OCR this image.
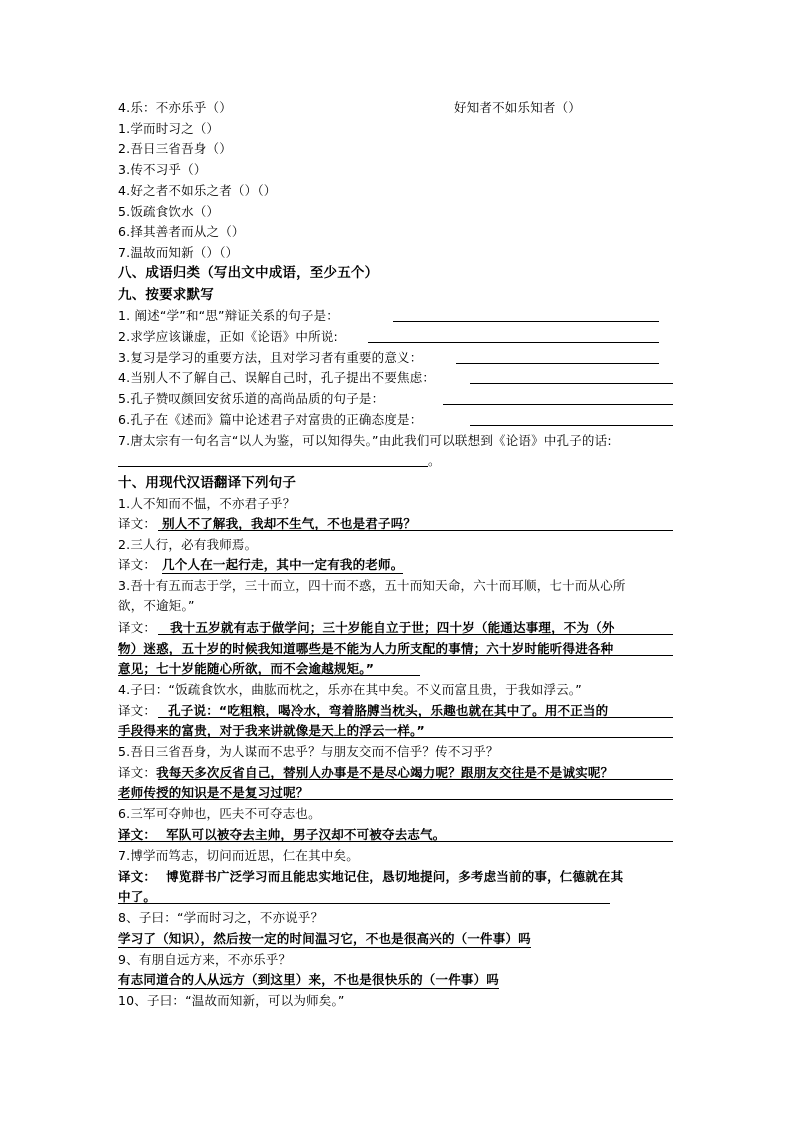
4.乐：不亦乐乎（）	好知者不如乐知者（）
1.学而时习之（）
2.吾日三省吾身（）
3.传不习乎（）
4.好之者不如乐之者（）（）
5.饭疏食饮水（）
6.择其善者而从之（）
7.温故而知新（）（）
八、成语归类（写出文中成语，至少五个）
九、按要求默写
1. 阐述“学”和“思”辩证关系的句子是：
2.求学应该谦虚，正如《论语》中所说:
3.复习是学习的重要方法，且对学习者有重要的意义：
4.当别人不了解自己、误解自己时，孔子提出不要焦虑：
5.孔子赞叹颜回安贫乐道的高尚品质的句子是：
6.孔子在《述而》篇中论述君子对富贵的正确态度是：
7.唐太宗有一句名言“以人为鉴，可以知得失。”由此我们可以联想到《论语》中孔子的话:
。
十、用现代汉语翻译下列句子
1.人不知而不愠，不亦君子乎？
译文： 别人不了解我，我却不生气，不也是君子吗？
2.三人行，必有我师焉。
译文： 几个人在一起行走，其中一定有我的老师。
3.吾十有五而志于学，三十而立，四十而不惑，五十而知天命，六十而耳顺，七十而从心所
欲，不逾矩。”
译文： 我十五岁就有志于做学问；三十岁能自立于世；四十岁（能通达事理，不为（外
物）迷惑，五十岁的时候我知道哪些是不能为人力所支配的事情；六十岁时能听得进各种
意见；七十岁能随心所欲，而不会逾越规矩。”
4.子曰：“饭疏食饮水，曲肱而枕之，乐亦在其中矣。不义而富且贵，于我如浮云。”
译文： 孔子说：“吃粗粮，喝冷水，弯着胳膊当枕头，乐趣也就在其中了。用不正当的
手段得来的富贵，对于我来讲就像是天上的浮云一样。”
5.吾日三省吾身，为人谋而不忠乎？与朋友交而不信乎？传不习乎？
译文：我每天多次反省自己，替别人办事是不是尽心竭力呢？跟朋友交往是不是诚实呢？
老师传授的知识是不是复习过呢？
6.三军可夺帅也，匹夫不可夺志也。
译文： 军队可以被夺去主帅，男子汉却不可被夺去志气。
7.博学而笃志，切问而近思，仁在其中矣。
译文： 博览群书广泛学习而且能忠实地记住，恳切地提问，多考虑当前的事，仁德就在其
中了。
8、子曰：“学而时习之，不亦说乎？
学习了（知识），然后按一定的时间温习它，不也是很高兴的（一件事）吗
9、有朋自远方来，不亦乐乎？
有志同道合的人从远方（到这里）来，不也是很快乐的（一件事）吗
10、子曰：“温故而知新，可以为师矣。”
